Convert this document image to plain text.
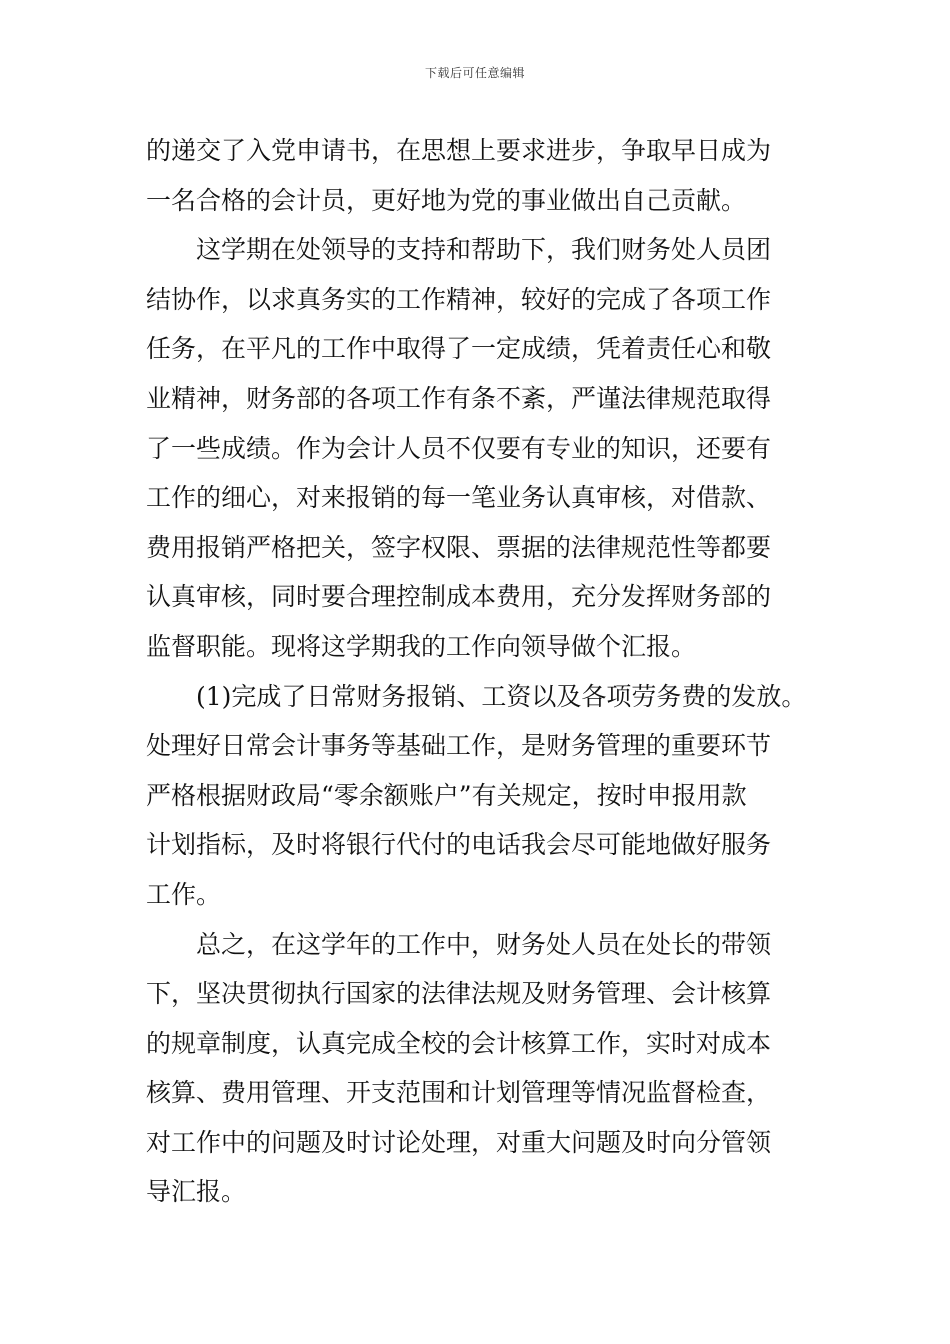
下载后可任意编辑
的递交了入党申请书，在思想上要求进步，争取早日成为
一名合格的会计员，更好地为党的事业做出自己贡献。
　　这学期在处领导的支持和帮助下，我们财务处人员团
结协作，以求真务实的工作精神，较好的完成了各项工作
任务，在平凡的工作中取得了一定成绩，凭着责任心和敬
业精神，财务部的各项工作有条不紊，严谨法律规范取得
了一些成绩。作为会计人员不仅要有专业的知识，还要有
工作的细心，对来报销的每一笔业务认真审核，对借款、
费用报销严格把关，签字权限、票据的法律规范性等都要
认真审核，同时要合理控制成本费用，充分发挥财务部的
监督职能。现将这学期我的工作向领导做个汇报。
　　(1)完成了日常财务报销、工资以及各项劳务费的发放。
处理好日常会计事务等基础工作，是财务管理的重要环节
严格根据财政局“零余额账户”有关规定，按时申报用款
计划指标，及时将银行代付的电话我会尽可能地做好服务
工作。
　　总之，在这学年的工作中，财务处人员在处长的带领
下，坚决贯彻执行国家的法律法规及财务管理、会计核算
的规章制度，认真完成全校的会计核算工作，实时对成本
核算、费用管理、开支范围和计划管理等情况监督检查，
对工作中的问题及时讨论处理，对重大问题及时向分管领
导汇报。
